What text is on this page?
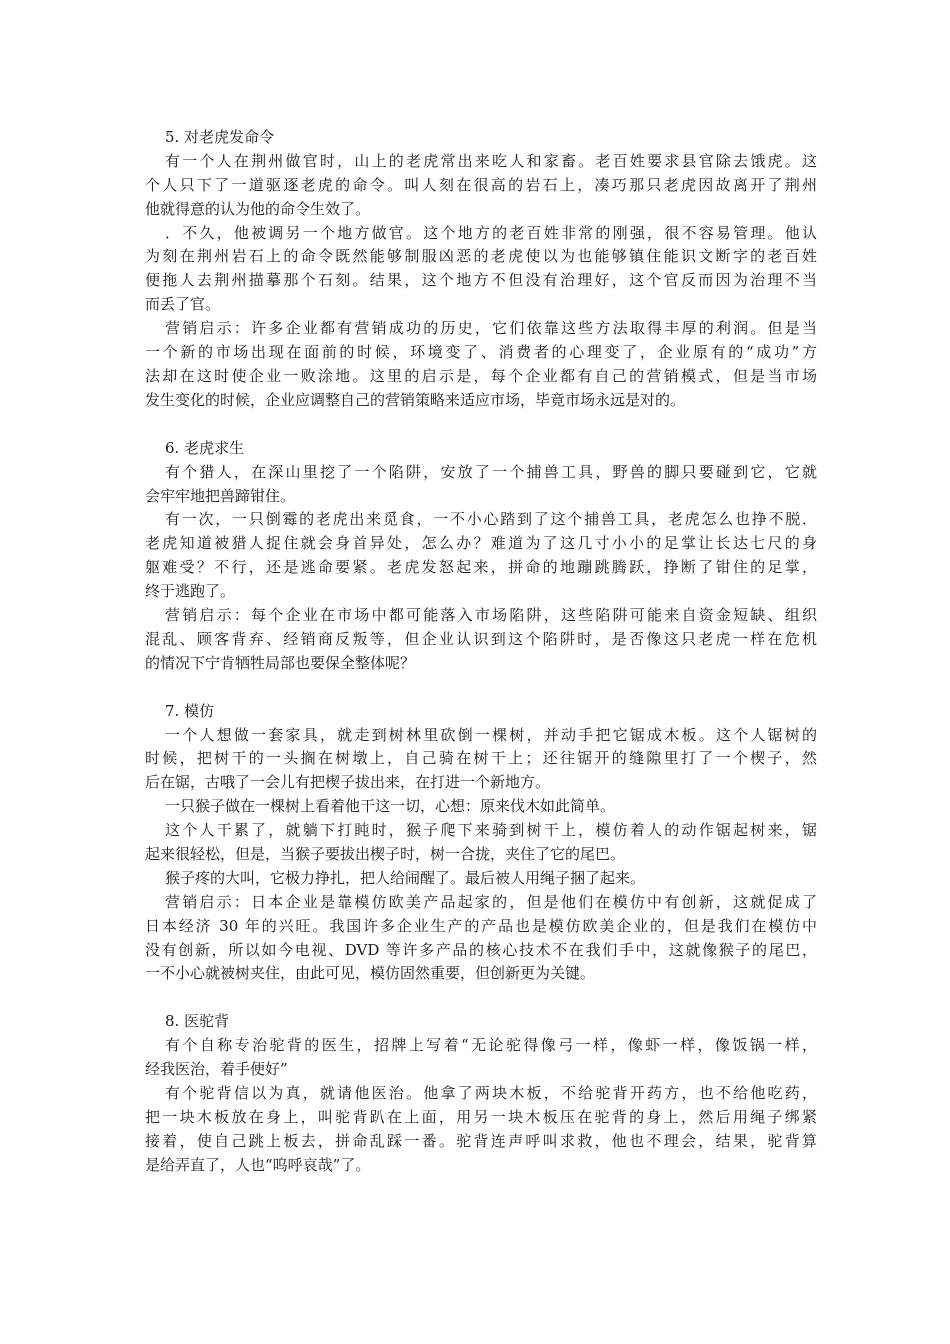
5. 对老虎发命令
有一个人在荆州做官时，山上的老虎常出来吃人和家畜。老百姓要求县官除去饿虎。这
个人只下了一道驱逐老虎的命令。叫人刻在很高的岩石上，凑巧那只老虎因故离开了荆州
他就得意的认为他的命令生效了。
．不久，他被调另一个地方做官。这个地方的老百姓非常的刚强，很不容易管理。他认
为刻在荆州岩石上的命令既然能够制服凶恶的老虎使以为也能够镇住能识文断字的老百姓
便拖人去荆州描摹那个石刻。结果，这个地方不但没有治理好，这个官反而因为治理不当
而丢了官。
营销启示：许多企业都有营销成功的历史，它们依靠这些方法取得丰厚的利润。但是当
一个新的市场出现在面前的时候，环境变了、消费者的心理变了，企业原有的“成功”方
法却在这时使企业一败涂地。这里的启示是，每个企业都有自己的营销模式，但是当市场
发生变化的时候，企业应调整自己的营销策略来适应市场，毕竟市场永远是对的。
6. 老虎求生
有个猎人，在深山里挖了一个陷阱，安放了一个捕兽工具，野兽的脚只要碰到它，它就
会牢牢地把兽蹄钳住。
有一次，一只倒霉的老虎出来觅食，一不小心踏到了这个捕兽工具，老虎怎么也挣不脱．
老虎知道被猎人捉住就会身首异处，怎么办？难道为了这几寸小小的足掌让长达七尺的身
躯难受？不行，还是逃命要紧。老虎发怒起来，拼命的地蹦跳腾跃，挣断了钳住的足掌，
终于逃跑了。
营销启示：每个企业在市场中都可能落入市场陷阱，这些陷阱可能来自资金短缺、组织
混乱、顾客背弃、经销商反叛等，但企业认识到这个陷阱时，是否像这只老虎一样在危机
的情况下宁肯牺牲局部也要保全整体呢？
7. 模仿
一个人想做一套家具，就走到树林里砍倒一棵树，并动手把它锯成木板。这个人锯树的
时候，把树干的一头搁在树墩上，自己骑在树干上；还往锯开的缝隙里打了一个楔子，然
后在锯，古哦了一会儿有把楔子拔出来，在打进一个新地方。
一只猴子做在一棵树上看着他干这一切，心想：原来伐木如此简单。
这个人干累了，就躺下打盹时，猴子爬下来骑到树干上，模仿着人的动作锯起树来，锯
起来很轻松，但是，当猴子要拔出楔子时，树一合拢，夹住了它的尾巴。
猴子疼的大叫，它极力挣扎，把人给闹醒了。最后被人用绳子捆了起来。
营销启示：日本企业是靠模仿欧美产品起家的，但是他们在模仿中有创新，这就促成了
日本经济 30 年的兴旺。我国许多企业生产的产品也是模仿欧美企业的，但是我们在模仿中
没有创新，所以如今电视、DVD 等许多产品的核心技术不在我们手中，这就像猴子的尾巴，
一不小心就被树夹住，由此可见，模仿固然重要，但创新更为关键。
8. 医驼背
有个自称专治驼背的医生，招牌上写着“无论驼得像弓一样，像虾一样，像饭锅一样，
经我医治，着手便好”
有个驼背信以为真，就请他医治。他拿了两块木板，不给驼背开药方，也不给他吃药，
把一块木板放在身上，叫驼背趴在上面，用另一块木板压在驼背的身上，然后用绳子绑紧
接着，使自己跳上板去，拼命乱踩一番。驼背连声呼叫求救，他也不理会，结果，驼背算
是给弄直了，人也“呜呼哀哉”了。
